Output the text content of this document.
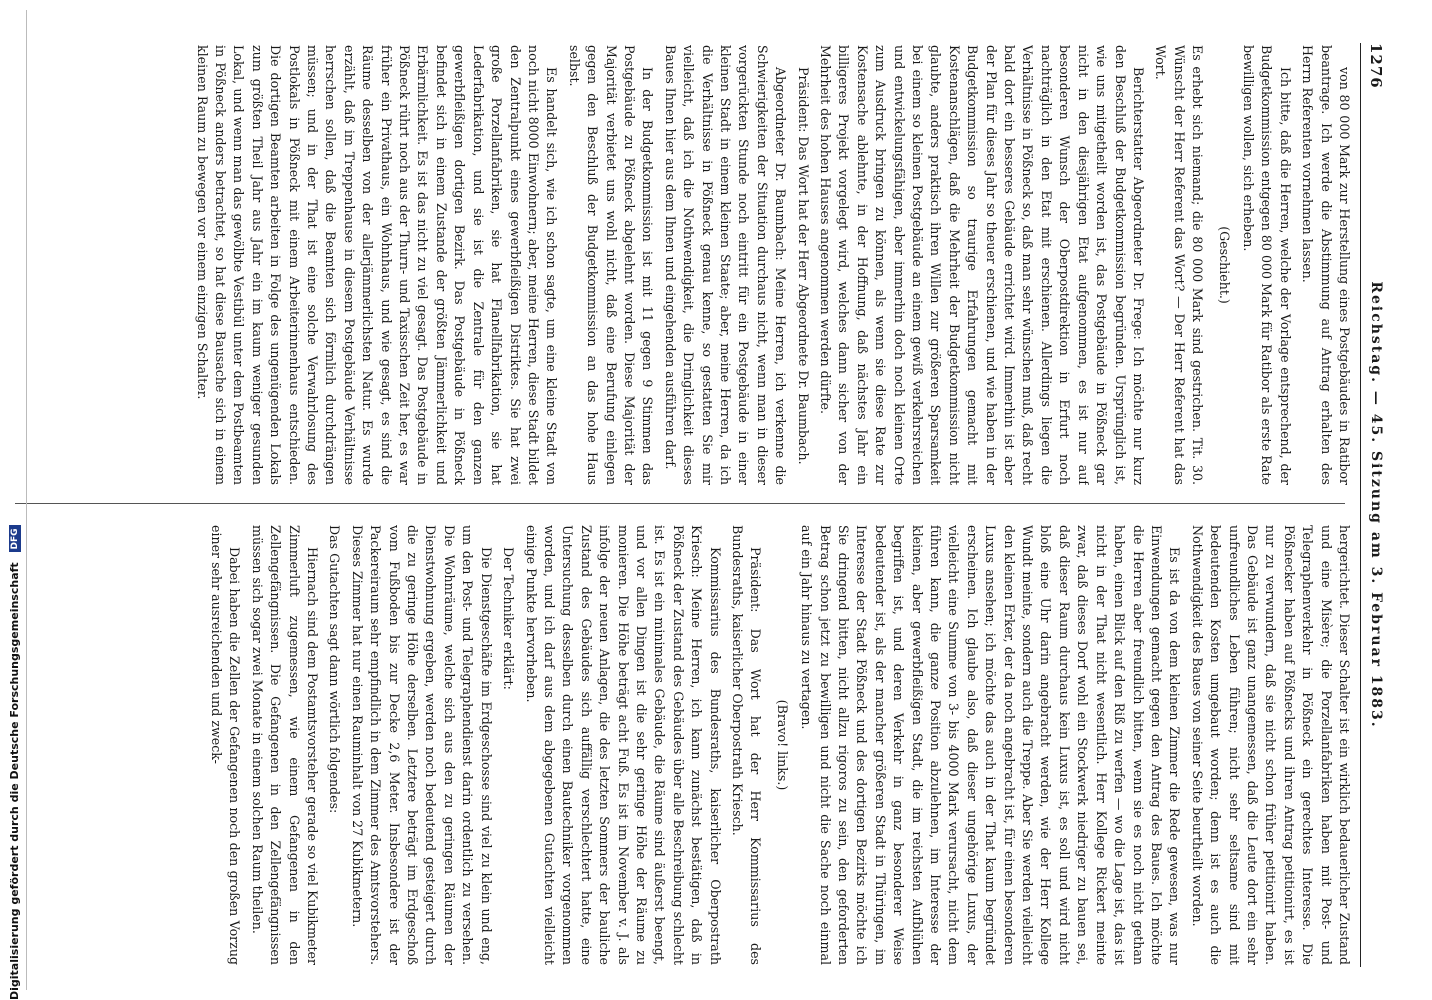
1276
Reichstag. — 45. Sitzung am 3. Februar 1883.

von 80 000 Mark zur Herstellung eines Postgebäudes in Ratibor beantrage. Ich werde die Abstimmung auf Antrag erhalten des Herrn Referenten vornehmen lassen.

Ich bitte, daß die Herren, welche der Vorlage entsprechend, der Budgetkommission entgegen 80 000 Mark für Ratibor als erste Rate bewilligen wollen, sich erheben.

(Geschieht.)

Es erhebt sich niemand; die 80 000 Mark sind gestrichen. Tit. 30. Wünscht der Herr Referent das Wort? — Der Herr Referent hat das Wort.

Berichterstatter Abgeordneter Dr. Frege: Ich möchte nur kurz den Beschluß der Budgetkommission begründen. Ursprünglich ist, wie uns mitgetheilt worden ist, das Postgebäude in Pößneck gar nicht in den diesjährigen Etat aufgenommen, es ist nur auf besonderen Wunsch der Oberpostdirektion in Erfurt noch nachträglich in den Etat mit erschienen. Allerdings liegen die Verhältnisse in Pößneck so, daß man sehr wünschen muß, daß recht bald dort ein besseres Gebäude errichtet wird. Immerhin ist aber der Plan für dieses Jahr so theuer erschienen, und wie haben in der Budgetkommission so traurige Erfahrungen gemacht mit Kostenanschlägen, daß die Mehrheit der Budgetkommission nicht glaubte, anders praktisch ihren Willen zur größeren Sparsamkeit bei einem so kleinen Postgebäude an einem gewiß verkehrsreichen und entwickelungsfähigen, aber immerhin doch noch kleinen Orte zum Ausdruck bringen zu können, als wenn sie diese Rate zur Kostensache ablehnte, in der Hoffnung, daß nächstes Jahr ein billigeres Projekt vorgelegt wird, welches dann sicher von der Mehrheit des hohen Hauses angenommen werden dürfte.

Präsident: Das Wort hat der Herr Abgeordnete Dr. Baumbach.

Abgeordneter Dr. Baumbach: Meine Herren, ich verkenne die Schwierigkeiten der Situation durchaus nicht, wenn man in dieser vorgerückten Stunde noch eintritt für ein Postgebäude in einer kleinen Stadt in einem kleinen Staate; aber, meine Herren, da ich die Verhältnisse in Pößneck genau kenne, so gestatten Sie mir vielleicht, daß ich die Nothwendigkeit, die Dringlichkeit dieses Baues Ihnen hier aus dem Ihnen und eingehenden ausführen darf.

In der Budgetkommission ist mit 11 gegen 9 Stimmen das Postgebäude zu Pößneck abgelehnt worden. Diese Majorität der Majorität verbietet uns wohl nicht, daß eine Berufung einlegen gegen den Beschluß der Budgetkommission an das hohe Haus selbst.

Es handelt sich, wie ich schon sagte, um eine kleine Stadt von noch nicht 8000 Einwohnern; aber, meine Herren, diese Stadt bildet den Zentralpunkt eines gewerbfleißigen Distriktes. Sie hat zwei große Porzellanfabriken, sie hat Flanellfabrikation, sie hat Lederfabrikation, und sie ist die Zentrale für den ganzen gewerbfleißigen dortigen Bezirk. Das Postgebäude in Pößneck befindet sich in einem Zustande der größten Jämmerlichkeit und Erbärmlichkeit. Es ist das nicht zu viel gesagt. Das Postgebäude in Pößneck rührt noch aus der Thurn- und Taxisschen Zeit her, es war früher ein Privathaus, ein Wohnhaus, und wie gesagt, es sind die Räume desselben von der allerjämmerlichsten Natur. Es wurde erzählt, daß im Treppenhause in diesem Postgebäude Verhältnisse herrschen sollen, daß die Beamten sich förmlich durchdrängen müssen; und in der That ist eine solche Verwahrlosung des Postlokals in Pößneck mit einem Arbeiterinnenhaus entschieden. Die dortigen Beamten arbeiten in Folge des ungenügenden Lokals zum größten Theil Jahr aus Jahr ein im kaum weniger gesunden Lokal, und wenn man das gewölbte Vestibül unter dem Postbeamten in Pößneck anders betrachtet, so hat diese Bausache sich in einem kleinen Raum zu bewegen vor einem einzigen Schalter.

hergerichtet. Dieser Schalter ist ein wirklich bedauerlicher Zustand und eine Misère; die Porzellanfabriken haben mit Post- und Telegraphenverkehr in Pößneck ein gerechtes Interesse. Die Pößnecker haben auf Pößnecks und ihren Antrag petitionirt, es ist nur zu verwundern, daß sie nicht schon früher petitionirt haben. Das Gebäude ist ganz unangemessen, daß die Leute dort ein sehr unfreundliches Leben führen; nicht sehr seltsame sind mit bedeutenden Kosten umgebaut worden; denn ist es auch die Nothwendigkeit des Baues von seiner Seite beurtheilt worden.

Es ist da von dem kleinen Zimmer die Rede gewesen, was nur Einwendungen gemacht gegen den Antrag des Baues. Ich möchte die Herren aber freundlich bitten, wenn sie es noch nicht gethan haben, einen Blick auf den Riß zu werfen — wo die Lage ist, das ist nicht in der That nicht wesentlich. Herr Kollege Rickert meinte zwar, daß dieses Dorf wohl ein Stockwerk niedriger zu bauen sei, daß dieser Raum durchaus kein Luxus ist, es soll und wird nicht bloß eine Uhr darin angebracht werden, wie der Herr Kollege Wundt meinte, sondern auch die Treppe. Aber Sie werden vielleicht den kleinen Erker, der da noch angebracht ist, für einen besonderen Luxus ansehen; ich möchte das auch in der That kaum begründet erscheinen. Ich glaube also, daß dieser ungehörige Luxus, der vielleicht eine Summe von 3- bis 4000 Mark verursacht, nicht dem führen kann, die ganze Position abzulehnen, im Interesse der kleinen, aber gewerbfleißigen Stadt, die im reichsten Aufblühen begriffen ist, und deren Verkehr in ganz besonderer Weise bedeutender ist, als der mancher größeren Stadt in Thüringen, im Interesse der Stadt Pößneck und des dortigen Bezirks möchte ich Sie dringend bitten, nicht allzu rigoros zu sein, den geforderten Betrag schon jetzt zu bewilligen und nicht die Sache noch einmal auf ein Jahr hinaus zu vertagen.

(Bravo! links.)

Präsident: Das Wort hat der Herr Kommissarius des Bundesraths, kaiserlicher Oberpostrath Kriesch.

Kommissarius des Bundesraths, kaiserlicher Oberpostrath Kriesch: Meine Herren, ich kann zunächst bestätigen, daß in Pößneck der Zustand des Gebäudes über alle Beschreibung schlecht ist. Es ist ein minimales Gebäude, die Räume sind äußerst beengt, und vor allen Dingen ist die sehr geringe Höhe der Räume zu monieren. Die Höhe beträgt acht Fuß. Es ist im November v. J. als infolge der neuen Anlagen, die des letzten Sommers der bauliche Zustand des Gebäudes sich auffällig verschlechtert hatte, eine Untersuchung desselben durch einen Bautechniker vorgenommen worden, und ich darf aus dem abgegebenen Gutachten vielleicht einige Punkte hervorheben.

Der Techniker erklärt:

Die Dienstgeschäfte im Erdgeschosse sind viel zu klein und eng, um den Post- und Telegraphendienst darin ordentlich zu versehen. Die Wohnräume, welche sich aus den zu geringen Räumen der Dienstwohnung ergeben, werden noch bedeutend gesteigert durch die zu geringe Höhe derselben. Letztere beträgt im Erdgeschoß vom Fußboden bis zur Decke 2,6 Meter. Insbesondere ist der Packereiraum sehr empfindlich in dem Zimmer des Amtsvorstehers. Dieses Zimmer hat nur einen Rauminhalt von 27 Kubikmetern.

Das Gutachten sagt dann wörtlich folgendes:

Hiernach sind dem Postamtsvorsteher gerade so viel Kubikmeter Zimmerluft zugemessen, wie einem Gefangenen in den Zellengefängnissen. Die Gefangenen in den Zellengefängnissen müssen sich sogar zwei Monate in einem solchen Raum theilen.

Dabei haben die Zellen der Gefangenen noch den großen Vorzug einer sehr ausreichenden und zweck-

Digitalisierung gefördert durch die Deutsche Forschungsgemeinschaft DFG
